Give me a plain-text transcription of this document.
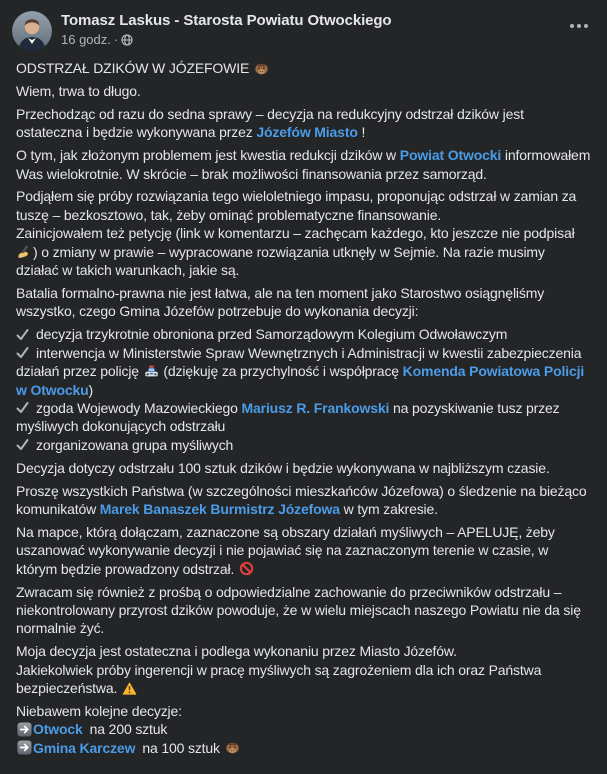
Tomasz Laskus - Starosta Powiatu Otwockiego
16 godz. ·

ODSTRZAŁ DZIKÓW W JÓZEFOWIE

Wiem, trwa to długo.

Przechodząc od razu do sedna sprawy – decyzja na redukcyjny odstrzał dzików jest ostateczna i będzie wykonywana przez Józefów Miasto !

O tym, jak złożonym problemem jest kwestia redukcji dzików w Powiat Otwocki informowałem Was wielokrotnie. W skrócie – brak możliwości finansowania przez samorząd.

Podjąłem się próby rozwiązania tego wieloletniego impasu, proponując odstrzał w zamian za tuszę – bezkosztowo, tak, żeby ominąć problematyczne finansowanie.
Zainicjowałem też petycję (link w komentarzu – zachęcam każdego, kto jeszcze nie podpisał ) o zmiany w prawie – wypracowane rozwiązania utknęły w Sejmie. Na razie musimy działać w takich warunkach, jakie są.

Batalia formalno-prawna nie jest łatwa, ale na ten moment jako Starostwo osiągnęliśmy wszystko, czego Gmina Józefów potrzebuje do wykonania decyzji:

decyzja trzykrotnie obroniona przed Samorządowym Kolegium Odwoławczym
interwencja w Ministerstwie Spraw Wewnętrznych i Administracji w kwestii zabezpieczenia działań przez policję  (dziękuję za przychylność i współpracę Komenda Powiatowa Policji w Otwocku)
zgoda Wojewody Mazowieckiego Mariusz R. Frankowski na pozyskiwanie tusz przez myśliwych dokonujących odstrzału
zorganizowana grupa myśliwych

Decyzja dotyczy odstrzału 100 sztuk dzików i będzie wykonywana w najbliższym czasie.

Proszę wszystkich Państwa (w szczególności mieszkańców Józefowa) o śledzenie na bieżąco komunikatów Marek Banaszek Burmistrz Józefowa w tym zakresie.

Na mapce, którą dołączam, zaznaczone są obszary działań myśliwych – APELUJĘ, żeby uszanować wykonywanie decyzji i nie pojawiać się na zaznaczonym terenie w czasie, w którym będzie prowadzony odstrzał.

Zwracam się również z prośbą o odpowiedzialne zachowanie do przeciwników odstrzału – niekontrolowany przyrost dzików powoduje, że w wielu miejscach naszego Powiatu nie da się normalnie żyć.

Moja decyzja jest ostateczna i podlega wykonaniu przez Miasto Józefów.
Jakiekolwiek próby ingerencji w pracę myśliwych są zagrożeniem dla ich oraz Państwa bezpieczeństwa.

Niebawem kolejne decyzje:
Otwock na 200 sztuk
Gmina Karczew na 100 sztuk
